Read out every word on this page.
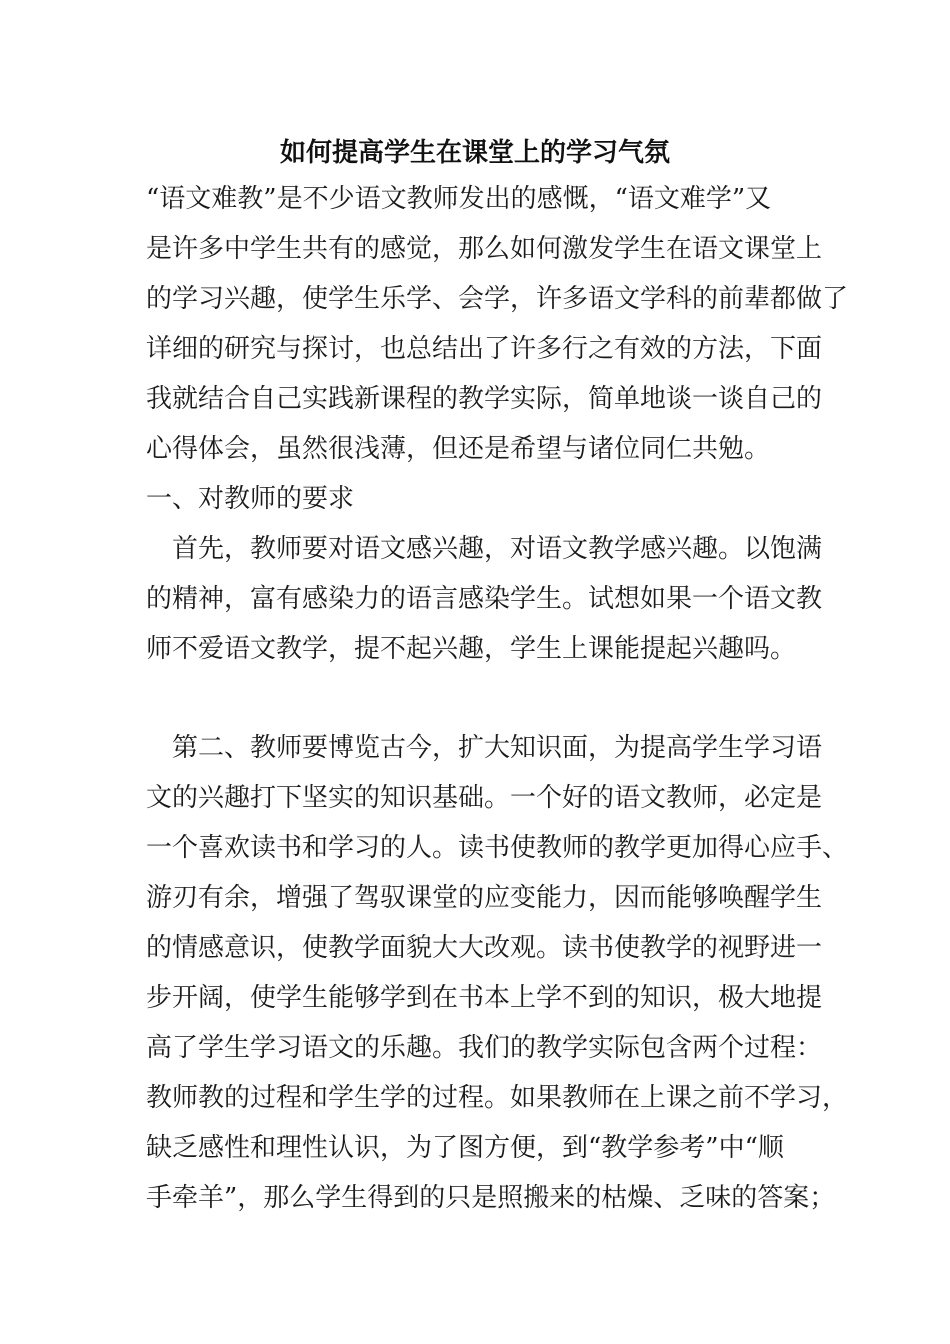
如何提高学生在课堂上的学习气氛
“语文难教”是不少语文教师发出的感慨，“语文难学”又
是许多中学生共有的感觉，那么如何激发学生在语文课堂上
的学习兴趣，使学生乐学、会学，许多语文学科的前辈都做了
详细的研究与探讨，也总结出了许多行之有效的方法，下面
我就结合自己实践新课程的教学实际，简单地谈一谈自己的
心得体会，虽然很浅薄，但还是希望与诸位同仁共勉。
一、对教师的要求
　首先，教师要对语文感兴趣，对语文教学感兴趣。以饱满
的精神，富有感染力的语言感染学生。试想如果一个语文教
师不爱语文教学，提不起兴趣，学生上课能提起兴趣吗。
　第二、教师要博览古今，扩大知识面，为提高学生学习语
文的兴趣打下坚实的知识基础。一个好的语文教师，必定是
一个喜欢读书和学习的人。读书使教师的教学更加得心应手、
游刃有余，增强了驾驭课堂的应变能力，因而能够唤醒学生
的情感意识，使教学面貌大大改观。读书使教学的视野进一
步开阔，使学生能够学到在书本上学不到的知识，极大地提
高了学生学习语文的乐趣。我们的教学实际包含两个过程：
教师教的过程和学生学的过程。如果教师在上课之前不学习，
缺乏感性和理性认识，为了图方便，到“教学参考”中“顺
手牵羊”，那么学生得到的只是照搬来的枯燥、乏味的答案；
